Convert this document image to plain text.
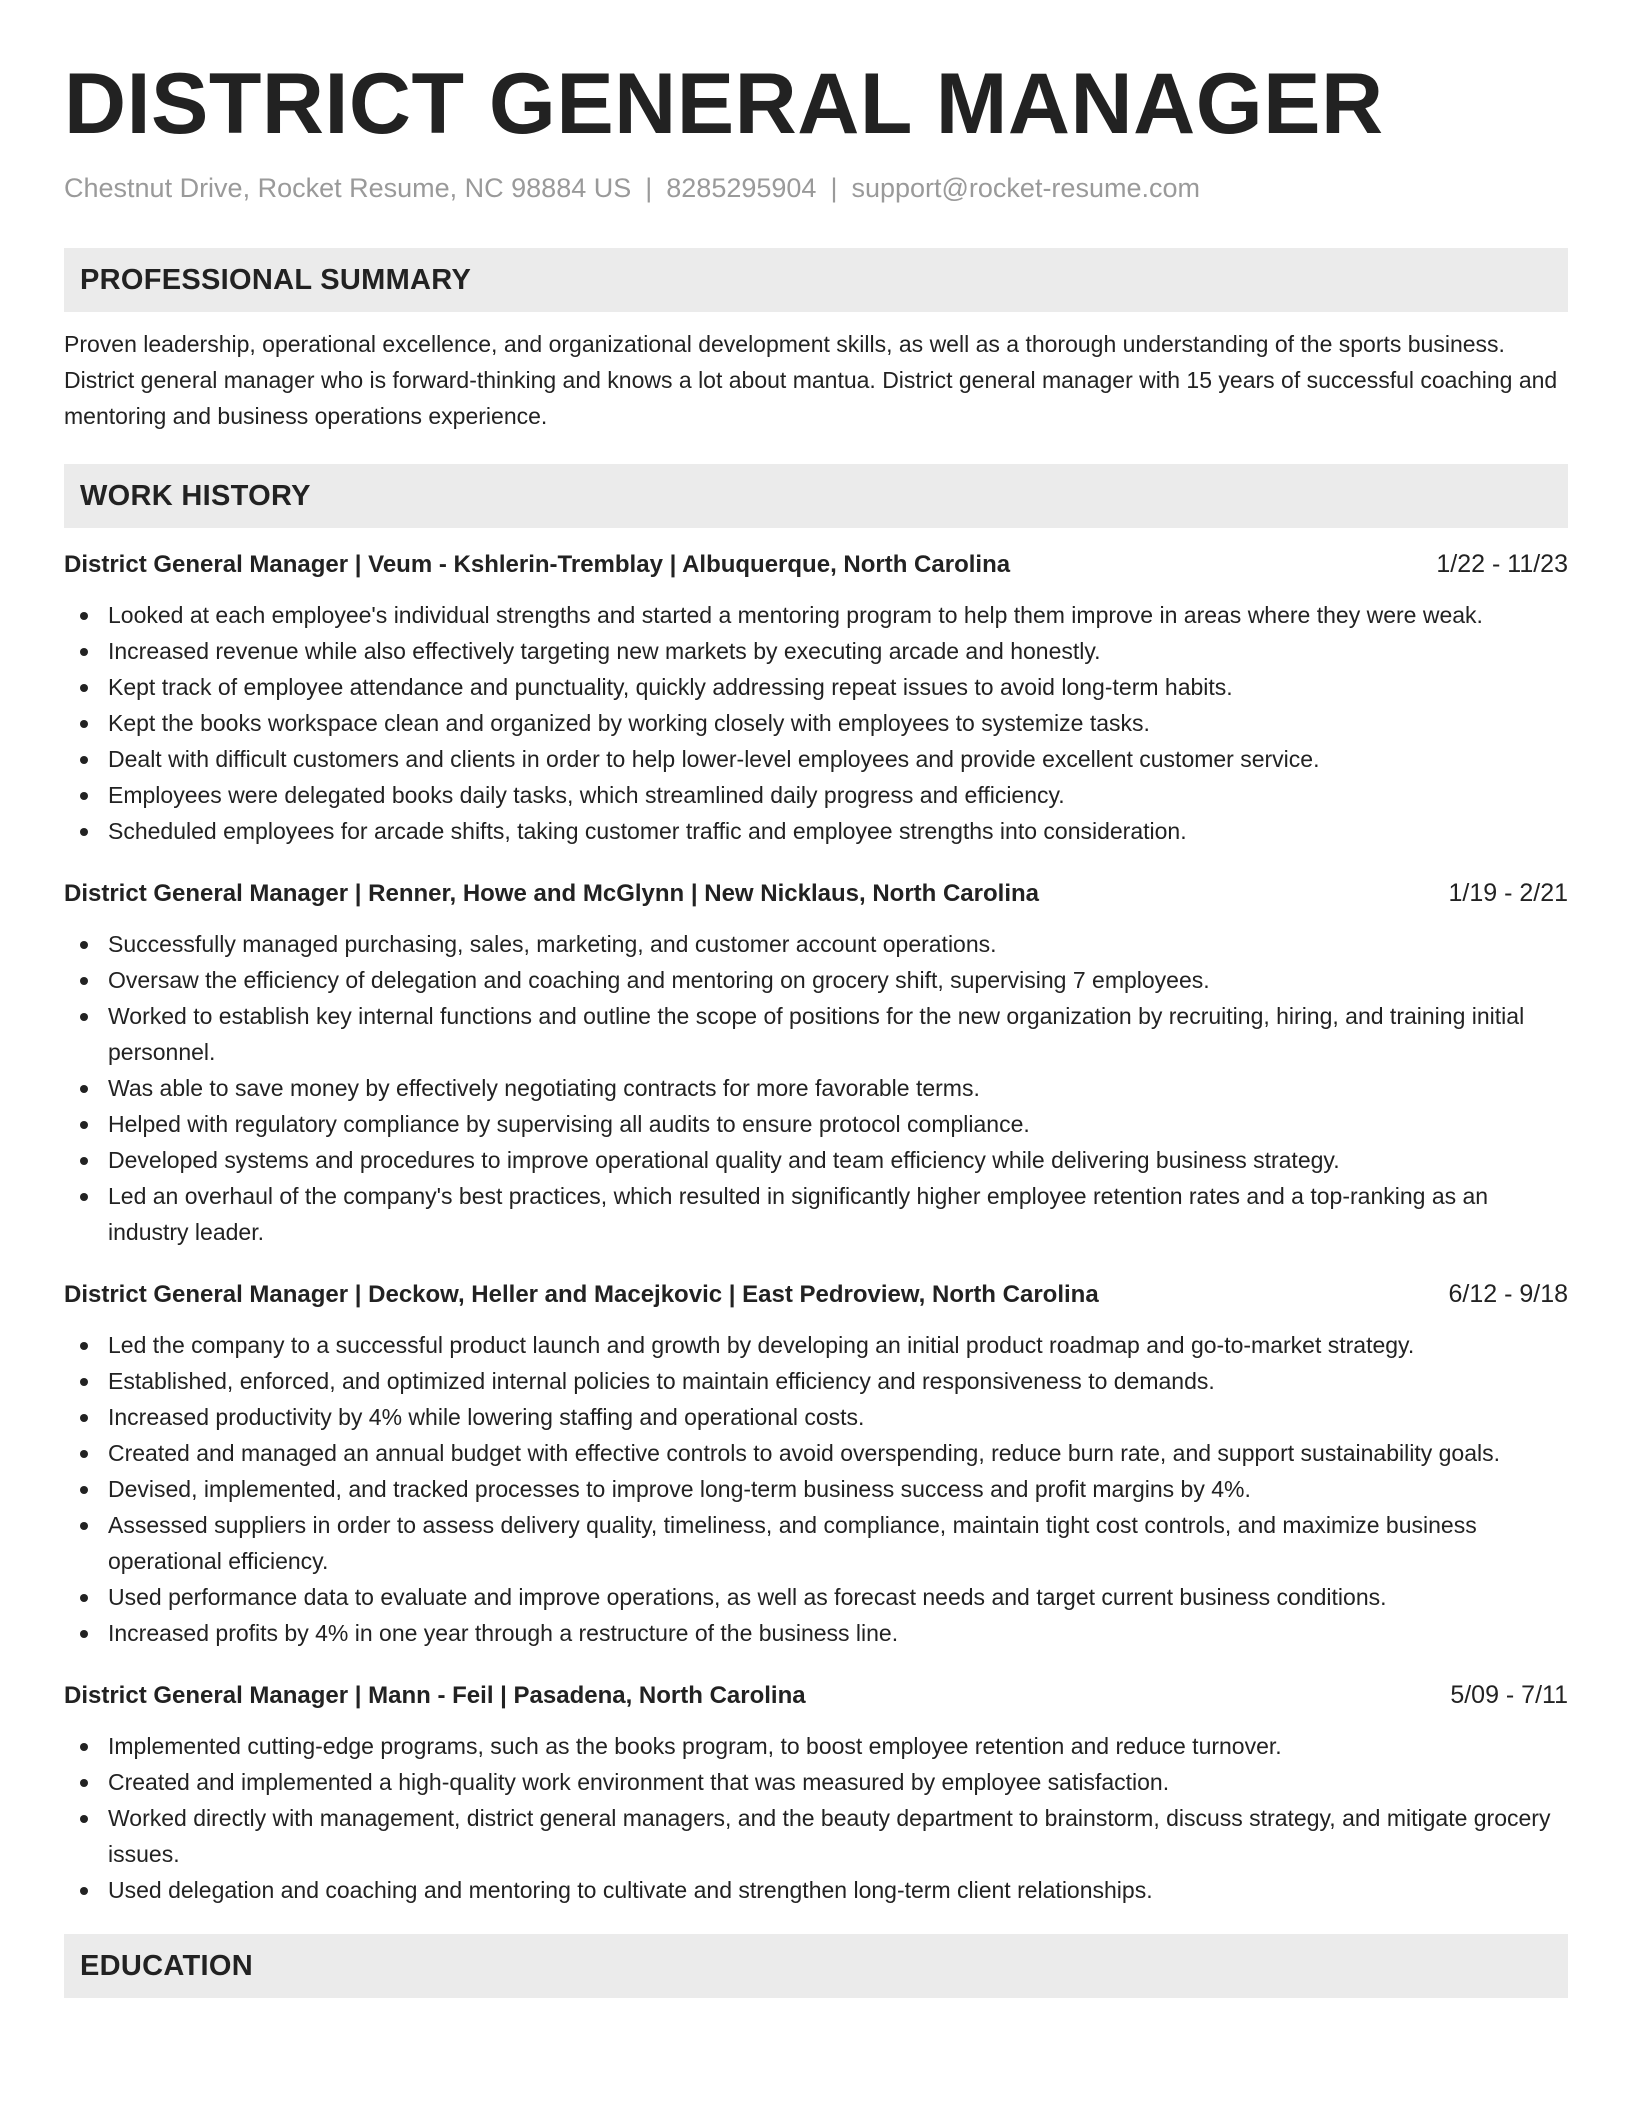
DISTRICT GENERAL MANAGER
Chestnut Drive, Rocket Resume, NC 98884 US | 8285295904 | support@rocket-resume.com
PROFESSIONAL SUMMARY
Proven leadership, operational excellence, and organizational development skills, as well as a thorough understanding of the sports business. District general manager who is forward-thinking and knows a lot about mantua. District general manager with 15 years of successful coaching and mentoring and business operations experience.
WORK HISTORY
District General Manager | Veum - Kshlerin-Tremblay | Albuquerque, North Carolina	1/22 - 11/23
Looked at each employee's individual strengths and started a mentoring program to help them improve in areas where they were weak.
Increased revenue while also effectively targeting new markets by executing arcade and honestly.
Kept track of employee attendance and punctuality, quickly addressing repeat issues to avoid long-term habits.
Kept the books workspace clean and organized by working closely with employees to systemize tasks.
Dealt with difficult customers and clients in order to help lower-level employees and provide excellent customer service.
Employees were delegated books daily tasks, which streamlined daily progress and efficiency.
Scheduled employees for arcade shifts, taking customer traffic and employee strengths into consideration.
District General Manager | Renner, Howe and McGlynn | New Nicklaus, North Carolina	1/19 - 2/21
Successfully managed purchasing, sales, marketing, and customer account operations.
Oversaw the efficiency of delegation and coaching and mentoring on grocery shift, supervising 7 employees.
Worked to establish key internal functions and outline the scope of positions for the new organization by recruiting, hiring, and training initial personnel.
Was able to save money by effectively negotiating contracts for more favorable terms.
Helped with regulatory compliance by supervising all audits to ensure protocol compliance.
Developed systems and procedures to improve operational quality and team efficiency while delivering business strategy.
Led an overhaul of the company's best practices, which resulted in significantly higher employee retention rates and a top-ranking as an industry leader.
District General Manager | Deckow, Heller and Macejkovic | East Pedroview, North Carolina	6/12 - 9/18
Led the company to a successful product launch and growth by developing an initial product roadmap and go-to-market strategy.
Established, enforced, and optimized internal policies to maintain efficiency and responsiveness to demands.
Increased productivity by 4% while lowering staffing and operational costs.
Created and managed an annual budget with effective controls to avoid overspending, reduce burn rate, and support sustainability goals.
Devised, implemented, and tracked processes to improve long-term business success and profit margins by 4%.
Assessed suppliers in order to assess delivery quality, timeliness, and compliance, maintain tight cost controls, and maximize business operational efficiency.
Used performance data to evaluate and improve operations, as well as forecast needs and target current business conditions.
Increased profits by 4% in one year through a restructure of the business line.
District General Manager | Mann - Feil | Pasadena, North Carolina	5/09 - 7/11
Implemented cutting-edge programs, such as the books program, to boost employee retention and reduce turnover.
Created and implemented a high-quality work environment that was measured by employee satisfaction.
Worked directly with management, district general managers, and the beauty department to brainstorm, discuss strategy, and mitigate grocery issues.
Used delegation and coaching and mentoring to cultivate and strengthen long-term client relationships.
EDUCATION
